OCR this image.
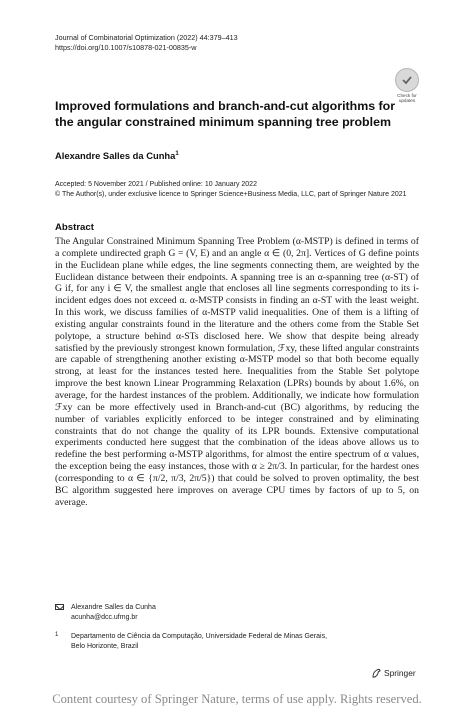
Journal of Combinatorial Optimization (2022) 44:379–413
https://doi.org/10.1007/s10878-021-00835-w
Check for
updates
Improved formulations and branch-and-cut algorithms for the angular constrained minimum spanning tree problem
Alexandre Salles da Cunha$^1$
Accepted: 5 November 2021 / Published online: 10 January 2022
© The Author(s), under exclusive licence to Springer Science+Business Media, LLC, part of Springer Nature 2021
Abstract
The Angular Constrained Minimum Spanning Tree Problem (α-MSTP) is defined in terms of a complete undirected graph G = (V, E) and an angle α ∈ (0, 2π]. Vertices of G define points in the Euclidean plane while edges, the line segments connecting them, are weighted by the Euclidean distance between their endpoints. A spanning tree is an α-spanning tree (α-ST) of G if, for any i ∈ V, the smallest angle that encloses all line segments corresponding to its i-incident edges does not exceed α. α-MSTP consists in finding an α-ST with the least weight. In this work, we discuss families of α-MSTP valid inequalities. One of them is a lifting of existing angular constraints found in the literature and the others come from the Stable Set polytope, a structure behind α-STs disclosed here. We show that despite being already satisfied by the previously strongest known formulation, ℱxy, these lifted angular constraints are capable of strengthening another existing α-MSTP model so that both become equally strong, at least for the instances tested here. Inequalities from the Stable Set polytope improve the best known Linear Programming Relaxation (LPRs) bounds by about 1.6%, on average, for the hardest instances of the problem. Additionally, we indicate how formulation ℱxy can be more effectively used in Branch-and-cut (BC) algorithms, by reducing the number of variables explicitly enforced to be integer constrained and by eliminating constraints that do not change the quality of its LPR bounds. Extensive computational experiments conducted here suggest that the combination of the ideas above allows us to redefine the best performing α-MSTP algorithms, for almost the entire spectrum of α values, the exception being the easy instances, those with α ≥ 2π/3. In particular, for the hardest ones (corresponding to α ∈ {π/2, π/3, 2π/5}) that could be solved to proven optimality, the best BC algorithm suggested here improves on average CPU times by factors of up to 5, on average.
Alexandre Salles da Cunha
acunha@dcc.ufmg.br
1 Departamento de Ciência da Computação, Universidade Federal de Minas Gerais,
Belo Horizonte, Brazil
Springer
Content courtesy of Springer Nature, terms of use apply. Rights reserved.
